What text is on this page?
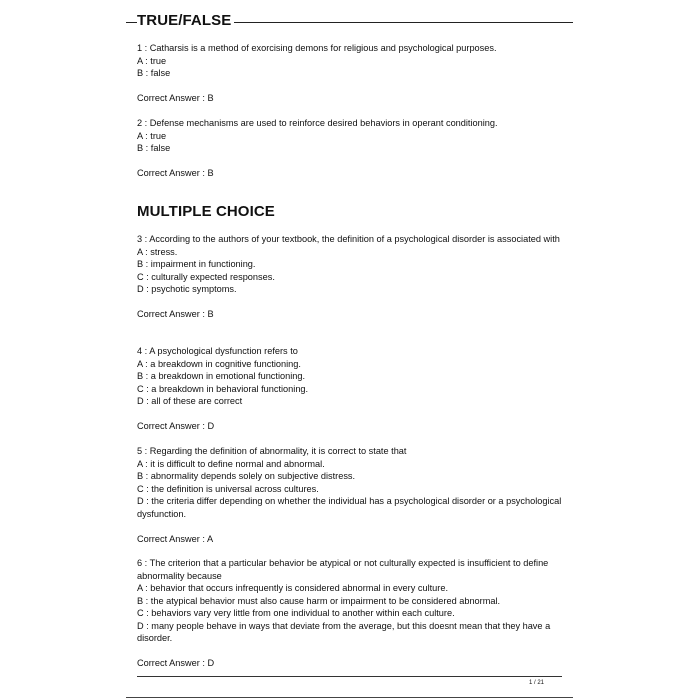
TRUE/FALSE
1 : Catharsis is a method of exorcising demons for religious and psychological purposes.
A : true
B : false
Correct Answer : B
2 : Defense mechanisms are used to reinforce desired behaviors in operant conditioning.
A : true
B : false
Correct Answer : B
MULTIPLE CHOICE
3 : According to the authors of your textbook, the definition of a psychological disorder is associated with
A : stress.
B : impairment in functioning.
C : culturally expected responses.
D : psychotic symptoms.
Correct Answer : B
4 : A psychological dysfunction refers to
A : a breakdown in cognitive functioning.
B : a breakdown in emotional functioning.
C : a breakdown in behavioral functioning.
D : all of these are correct
Correct Answer : D
5 : Regarding the definition of abnormality, it is correct to state that
A : it is difficult to define normal and abnormal.
B : abnormality depends solely on subjective distress.
C : the definition is universal across cultures.
D : the criteria differ depending on whether the individual has a psychological disorder or a psychological dysfunction.
Correct Answer : A
6 : The criterion that a particular behavior be atypical or not culturally expected is insufficient to define abnormality because
A : behavior that occurs infrequently is considered abnormal in every culture.
B : the atypical behavior must also cause harm or impairment to be considered abnormal.
C : behaviors vary very little from one individual to another within each culture.
D : many people behave in ways that deviate from the average, but this doesnt mean that they have a disorder.
Correct Answer : D
1 / 21
